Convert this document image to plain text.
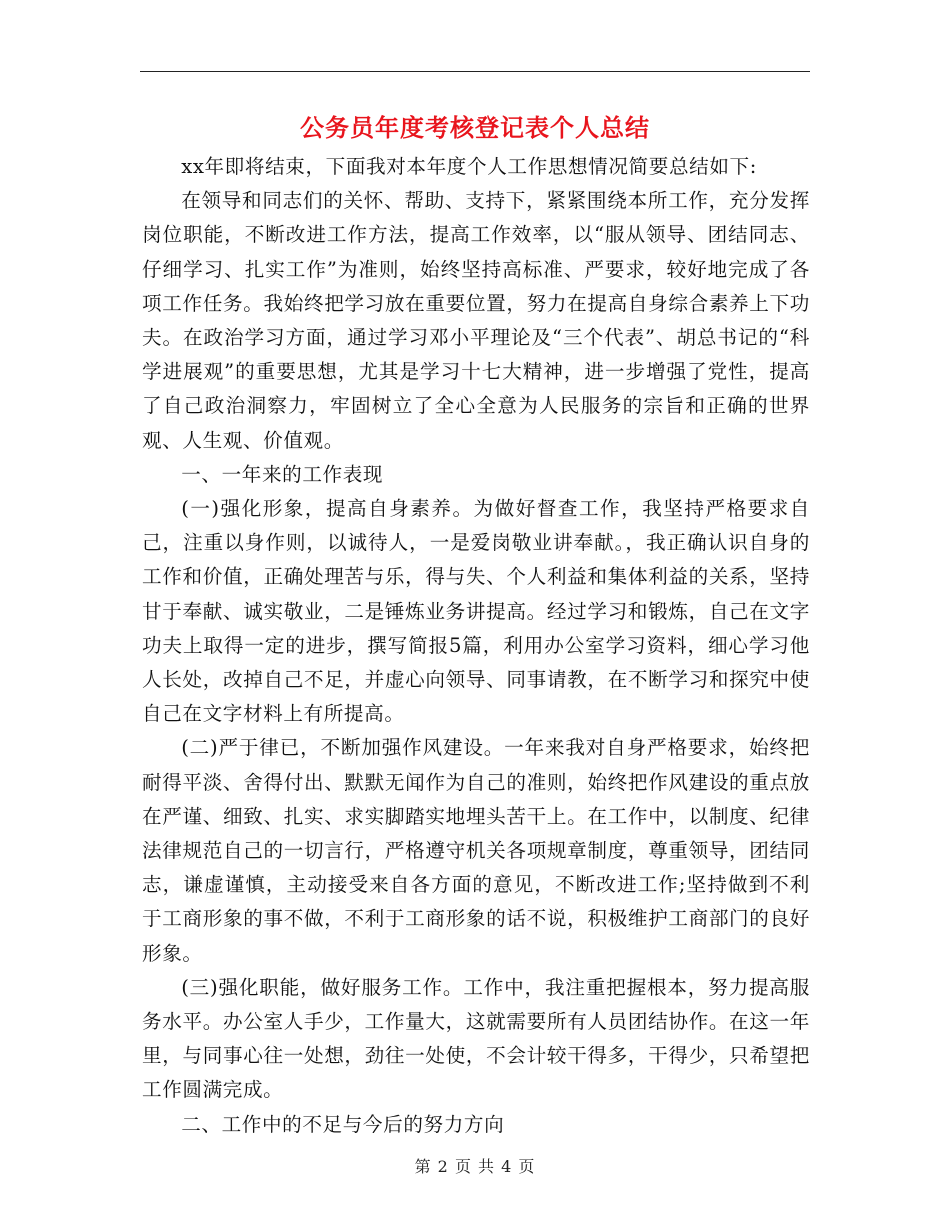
公务员年度考核登记表个人总结

xx年即将结束，下面我对本年度个人工作思想情况简要总结如下:

在领导和同志们的关怀、帮助、支持下，紧紧围绕本所工作，充分发挥岗位职能，不断改进工作方法，提高工作效率，以“服从领导、团结同志、仔细学习、扎实工作”为准则，始终坚持高标准、严要求，较好地完成了各项工作任务。我始终把学习放在重要位置，努力在提高自身综合素养上下功夫。在政治学习方面，通过学习邓小平理论及“三个代表”、胡总书记的“科学进展观”的重要思想，尤其是学习十七大精神，进一步增强了党性，提高了自己政治洞察力，牢固树立了全心全意为人民服务的宗旨和正确的世界观、人生观、价值观。

一、一年来的工作表现

(一)强化形象，提高自身素养。为做好督查工作，我坚持严格要求自己，注重以身作则，以诚待人，一是爱岗敬业讲奉献。，我正确认识自身的工作和价值，正确处理苦与乐，得与失、个人利益和集体利益的关系，坚持甘于奉献、诚实敬业，二是锤炼业务讲提高。经过学习和锻炼，自己在文字功夫上取得一定的进步，撰写简报5篇，利用办公室学习资料，细心学习他人长处，改掉自己不足，并虚心向领导、同事请教，在不断学习和探究中使自己在文字材料上有所提高。

(二)严于律已，不断加强作风建设。一年来我对自身严格要求，始终把耐得平淡、舍得付出、默默无闻作为自己的准则，始终把作风建设的重点放在严谨、细致、扎实、求实脚踏实地埋头苦干上。在工作中，以制度、纪律法律规范自己的一切言行，严格遵守机关各项规章制度，尊重领导，团结同志，谦虚谨慎，主动接受来自各方面的意见，不断改进工作;坚持做到不利于工商形象的事不做，不利于工商形象的话不说，积极维护工商部门的良好形象。

(三)强化职能，做好服务工作。工作中，我注重把握根本，努力提高服务水平。办公室人手少，工作量大，这就需要所有人员团结协作。在这一年里，与同事心往一处想，劲往一处使，不会计较干得多，干得少，只希望把工作圆满完成。

二、工作中的不足与今后的努力方向

第 2 页 共 4 页
